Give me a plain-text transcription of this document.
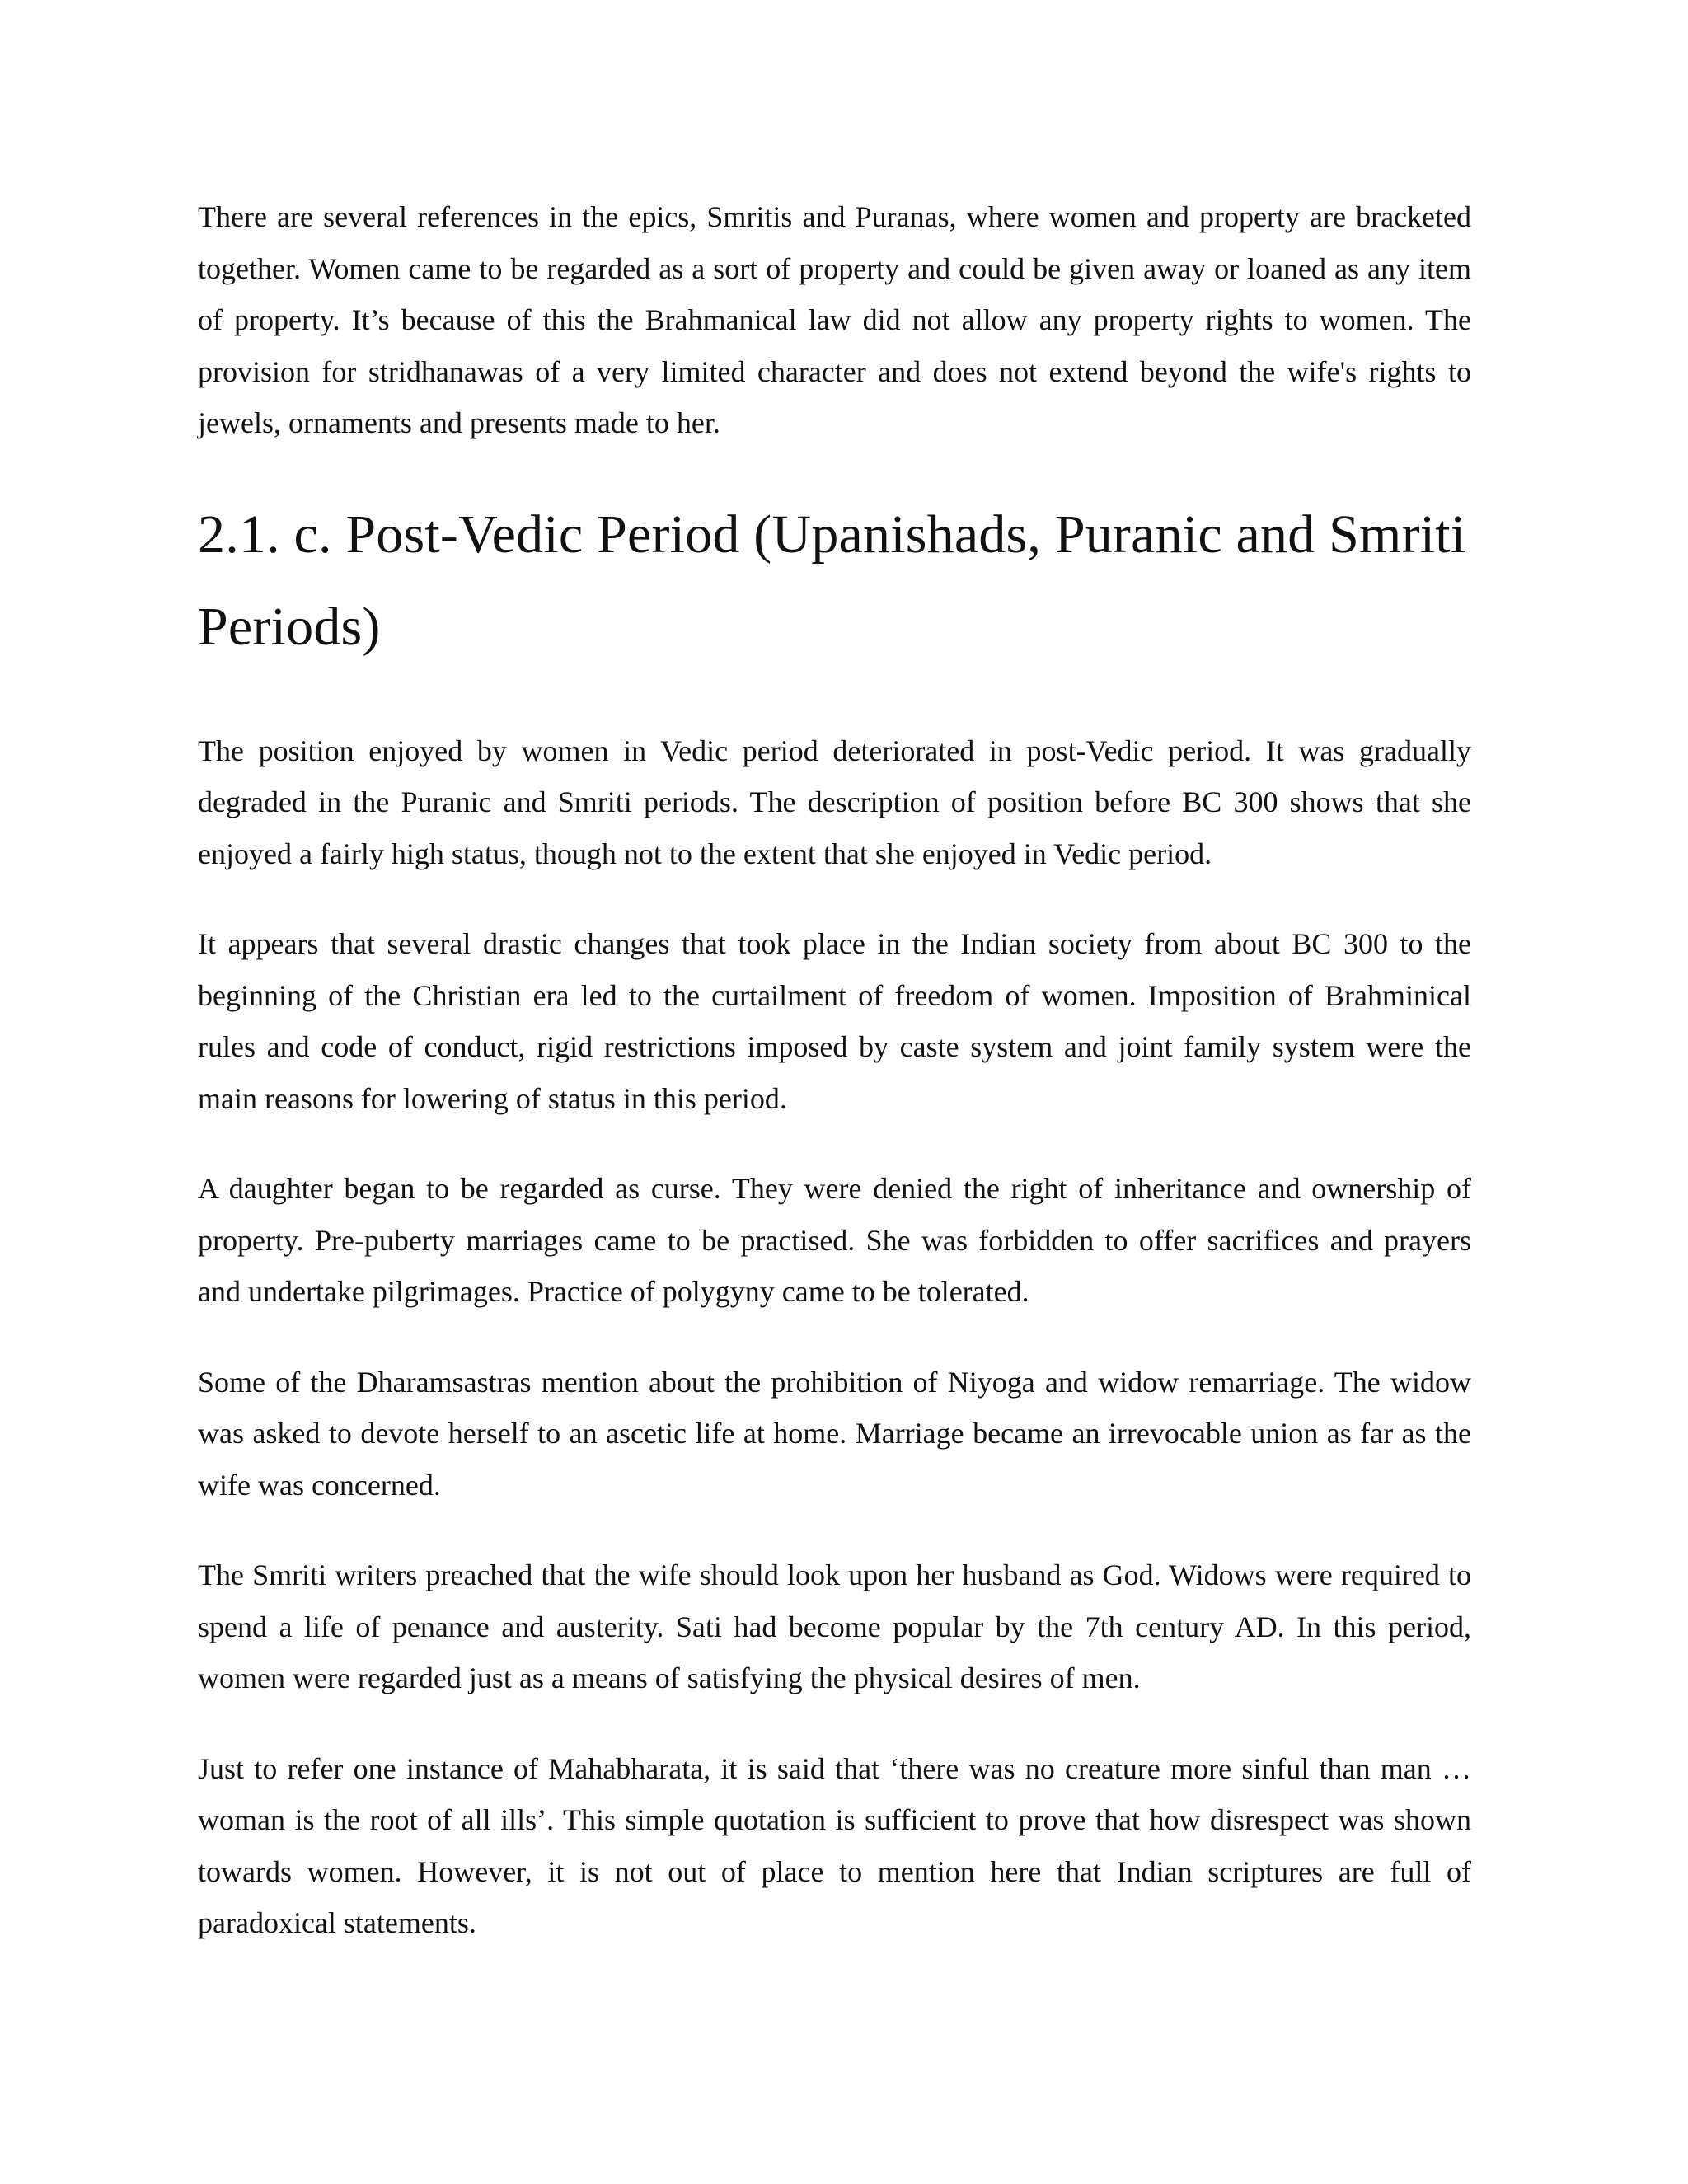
There are several references in the epics, Smritis and Puranas, where women and property are bracketed together. Women came to be regarded as a sort of property and could be given away or loaned as any item of property. It’s because of this the Brahmanical law did not allow any property rights to women. The provision for stridhanawas of a very limited character and does not extend beyond the wife's rights to jewels, ornaments and presents made to her.

2.1. c. Post-Vedic Period (Upanishads, Puranic and Smriti Periods)

The position enjoyed by women in Vedic period deteriorated in post-Vedic period. It was gradually degraded in the Puranic and Smriti periods. The description of position before BC 300 shows that she enjoyed a fairly high status, though not to the extent that she enjoyed in Vedic period.

It appears that several drastic changes that took place in the Indian society from about BC 300 to the beginning of the Christian era led to the curtailment of freedom of women. Imposition of Brahminical rules and code of conduct, rigid restrictions imposed by caste system and joint family system were the main reasons for lowering of status in this period.

A daughter began to be regarded as curse. They were denied the right of inheritance and ownership of property. Pre-puberty marriages came to be practised. She was forbidden to offer sacrifices and prayers and undertake pilgrimages. Practice of polygyny came to be tolerated.

Some of the Dharamsastras mention about the prohibition of Niyoga and widow remarriage. The widow was asked to devote herself to an ascetic life at home. Marriage became an irrevocable union as far as the wife was concerned.

The Smriti writers preached that the wife should look upon her husband as God. Widows were required to spend a life of penance and austerity. Sati had become popular by the 7th century AD. In this period, women were regarded just as a means of satisfying the physical desires of men.

Just to refer one instance of Mahabharata, it is said that ‘there was no creature more sinful than man … woman is the root of all ills’. This simple quotation is sufficient to prove that how disrespect was shown towards women. However, it is not out of place to mention here that Indian scriptures are full of paradoxical statements.
